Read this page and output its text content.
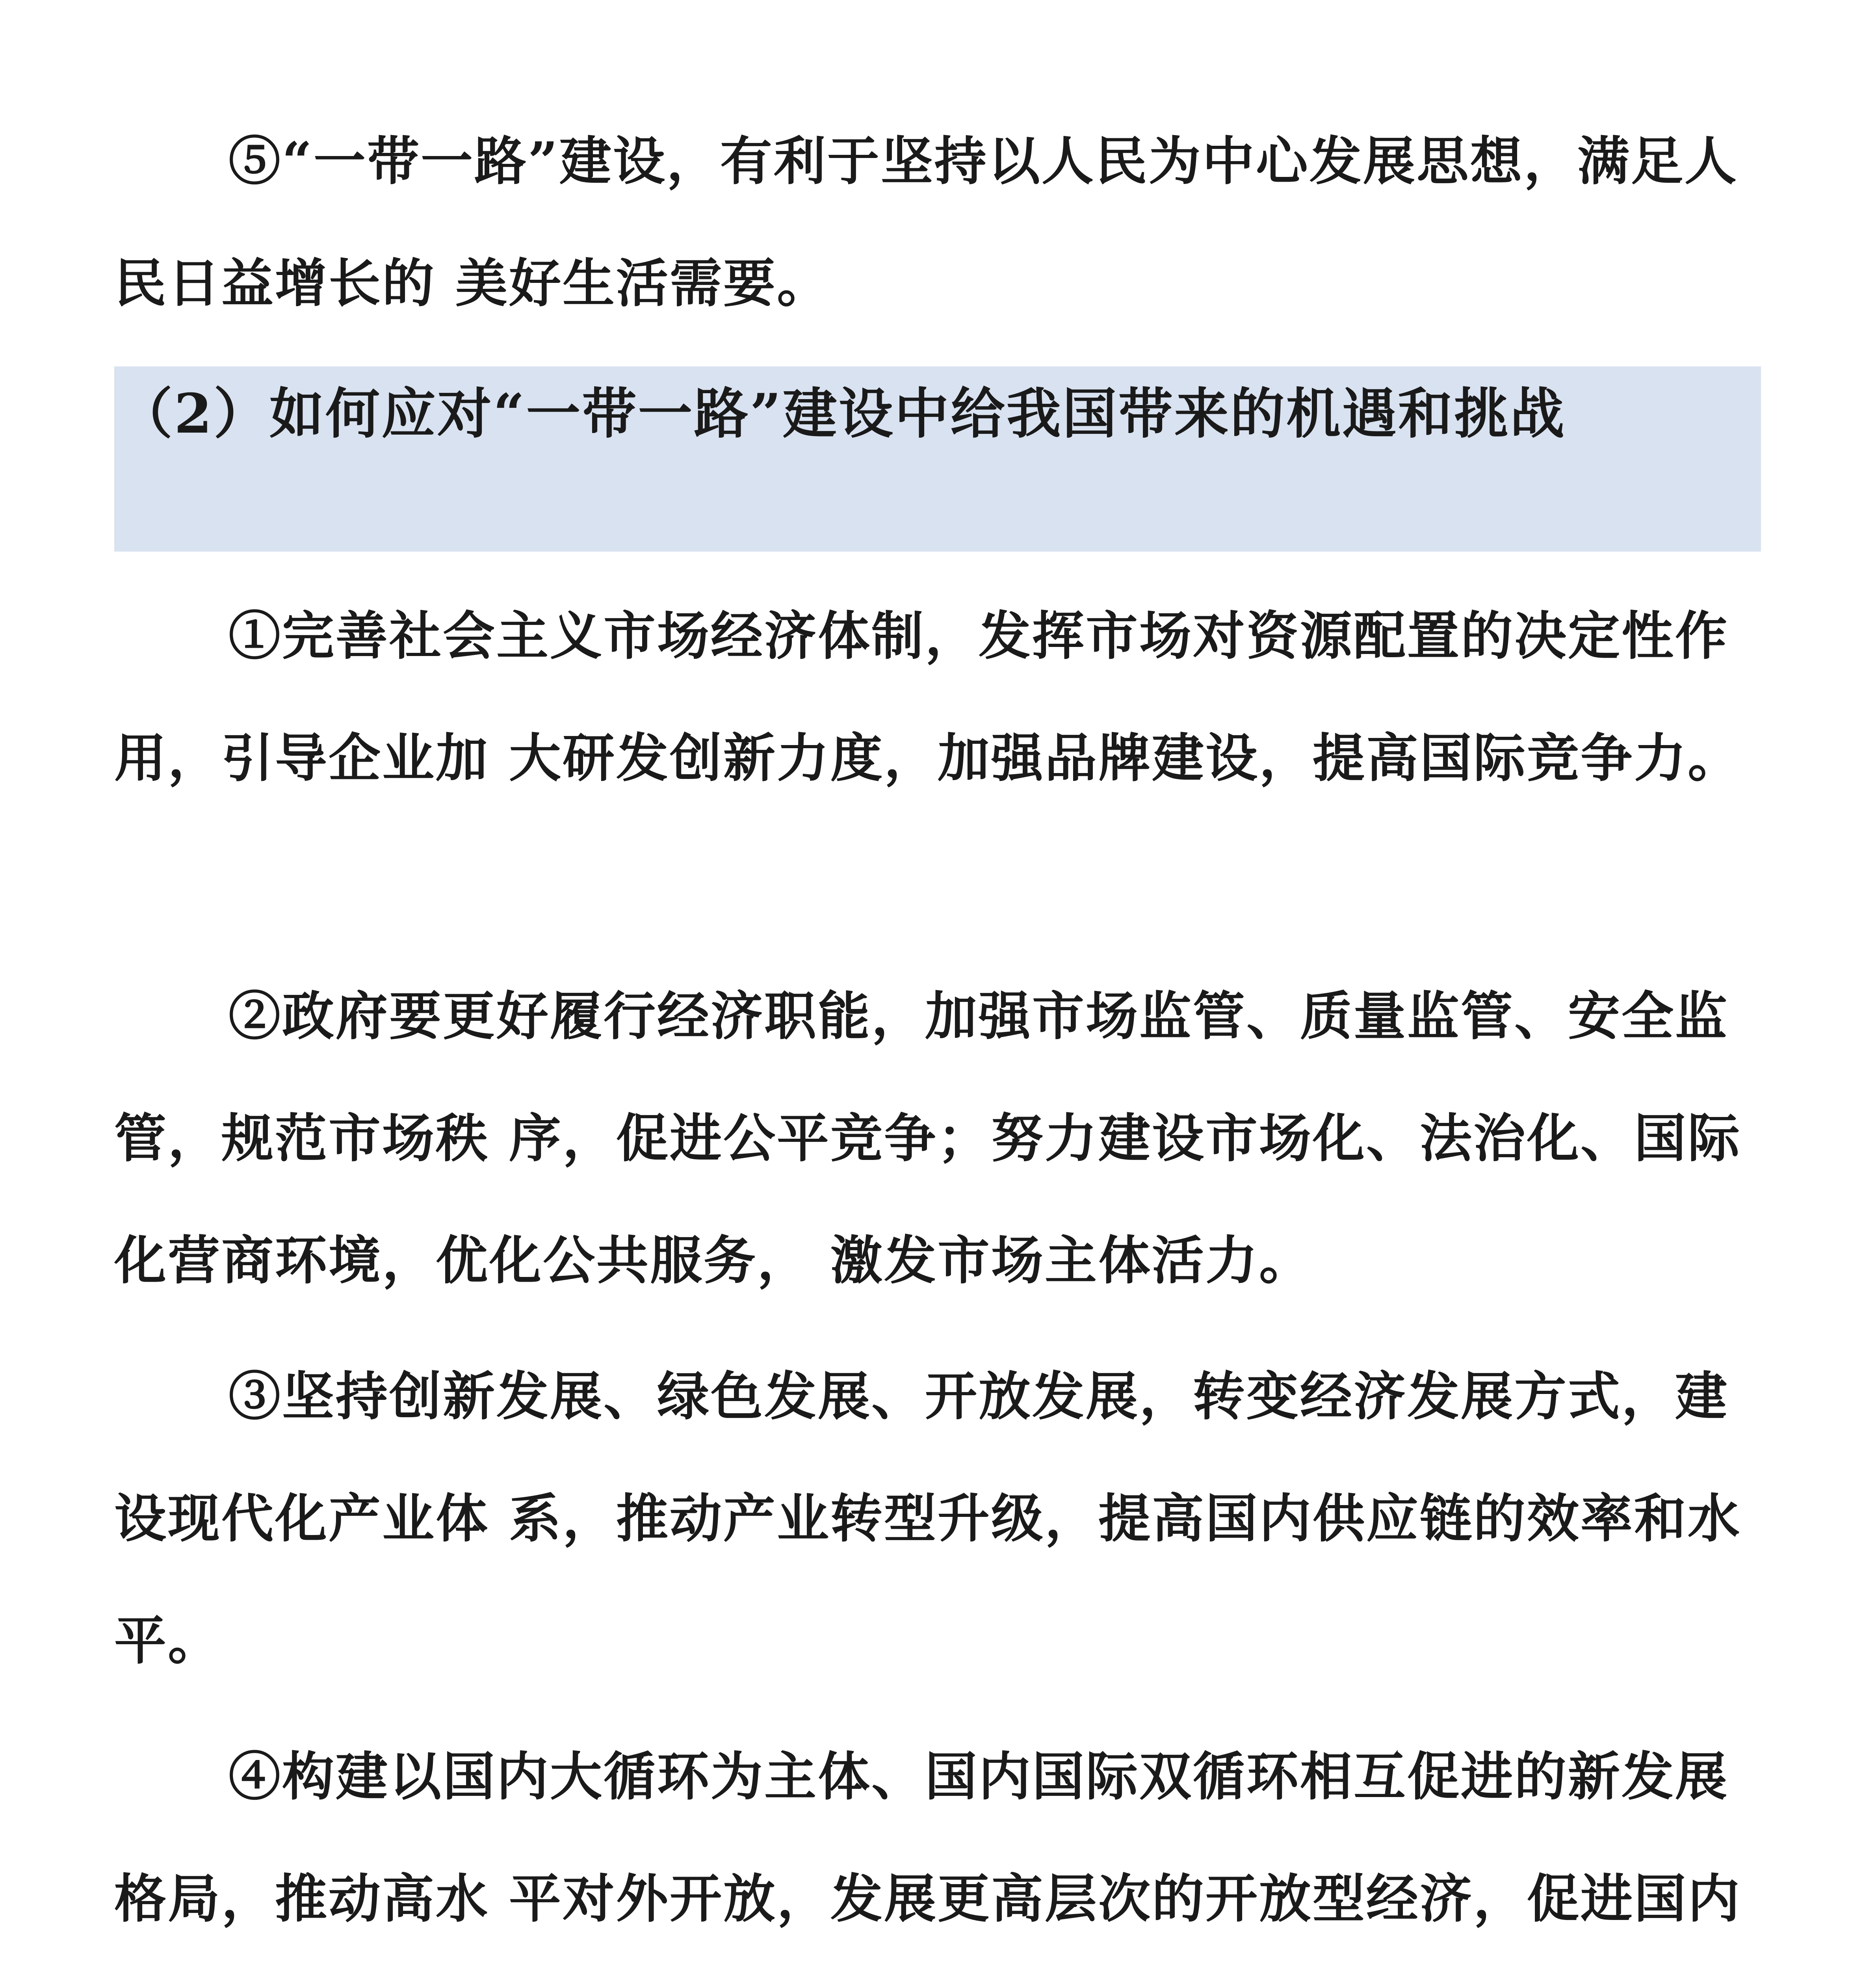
⑤“一带一路”建设，有利于坚持以人民为中心发展思想，满足人民日益增长的 美好生活需要。

（2）如何应对“一带一路”建设中给我国带来的机遇和挑战

①完善社会主义市场经济体制，发挥市场对资源配置的决定性作用，引导企业加 大研发创新力度，加强品牌建设，提高国际竞争力。

②政府要更好履行经济职能，加强市场监管、质量监管、安全监管，规范市场秩 序，促进公平竞争；努力建设市场化、法治化、国际化营商环境，优化公共服务， 激发市场主体活力。

③坚持创新发展、绿色发展、开放发展，转变经济发展方式，建设现代化产业体 系，推动产业转型升级，提高国内供应链的效率和水平。

④构建以国内大循环为主体、国内国际双循环相互促进的新发展格局，推动高水 平对外开放，发展更高层次的开放型经济，促进国内
